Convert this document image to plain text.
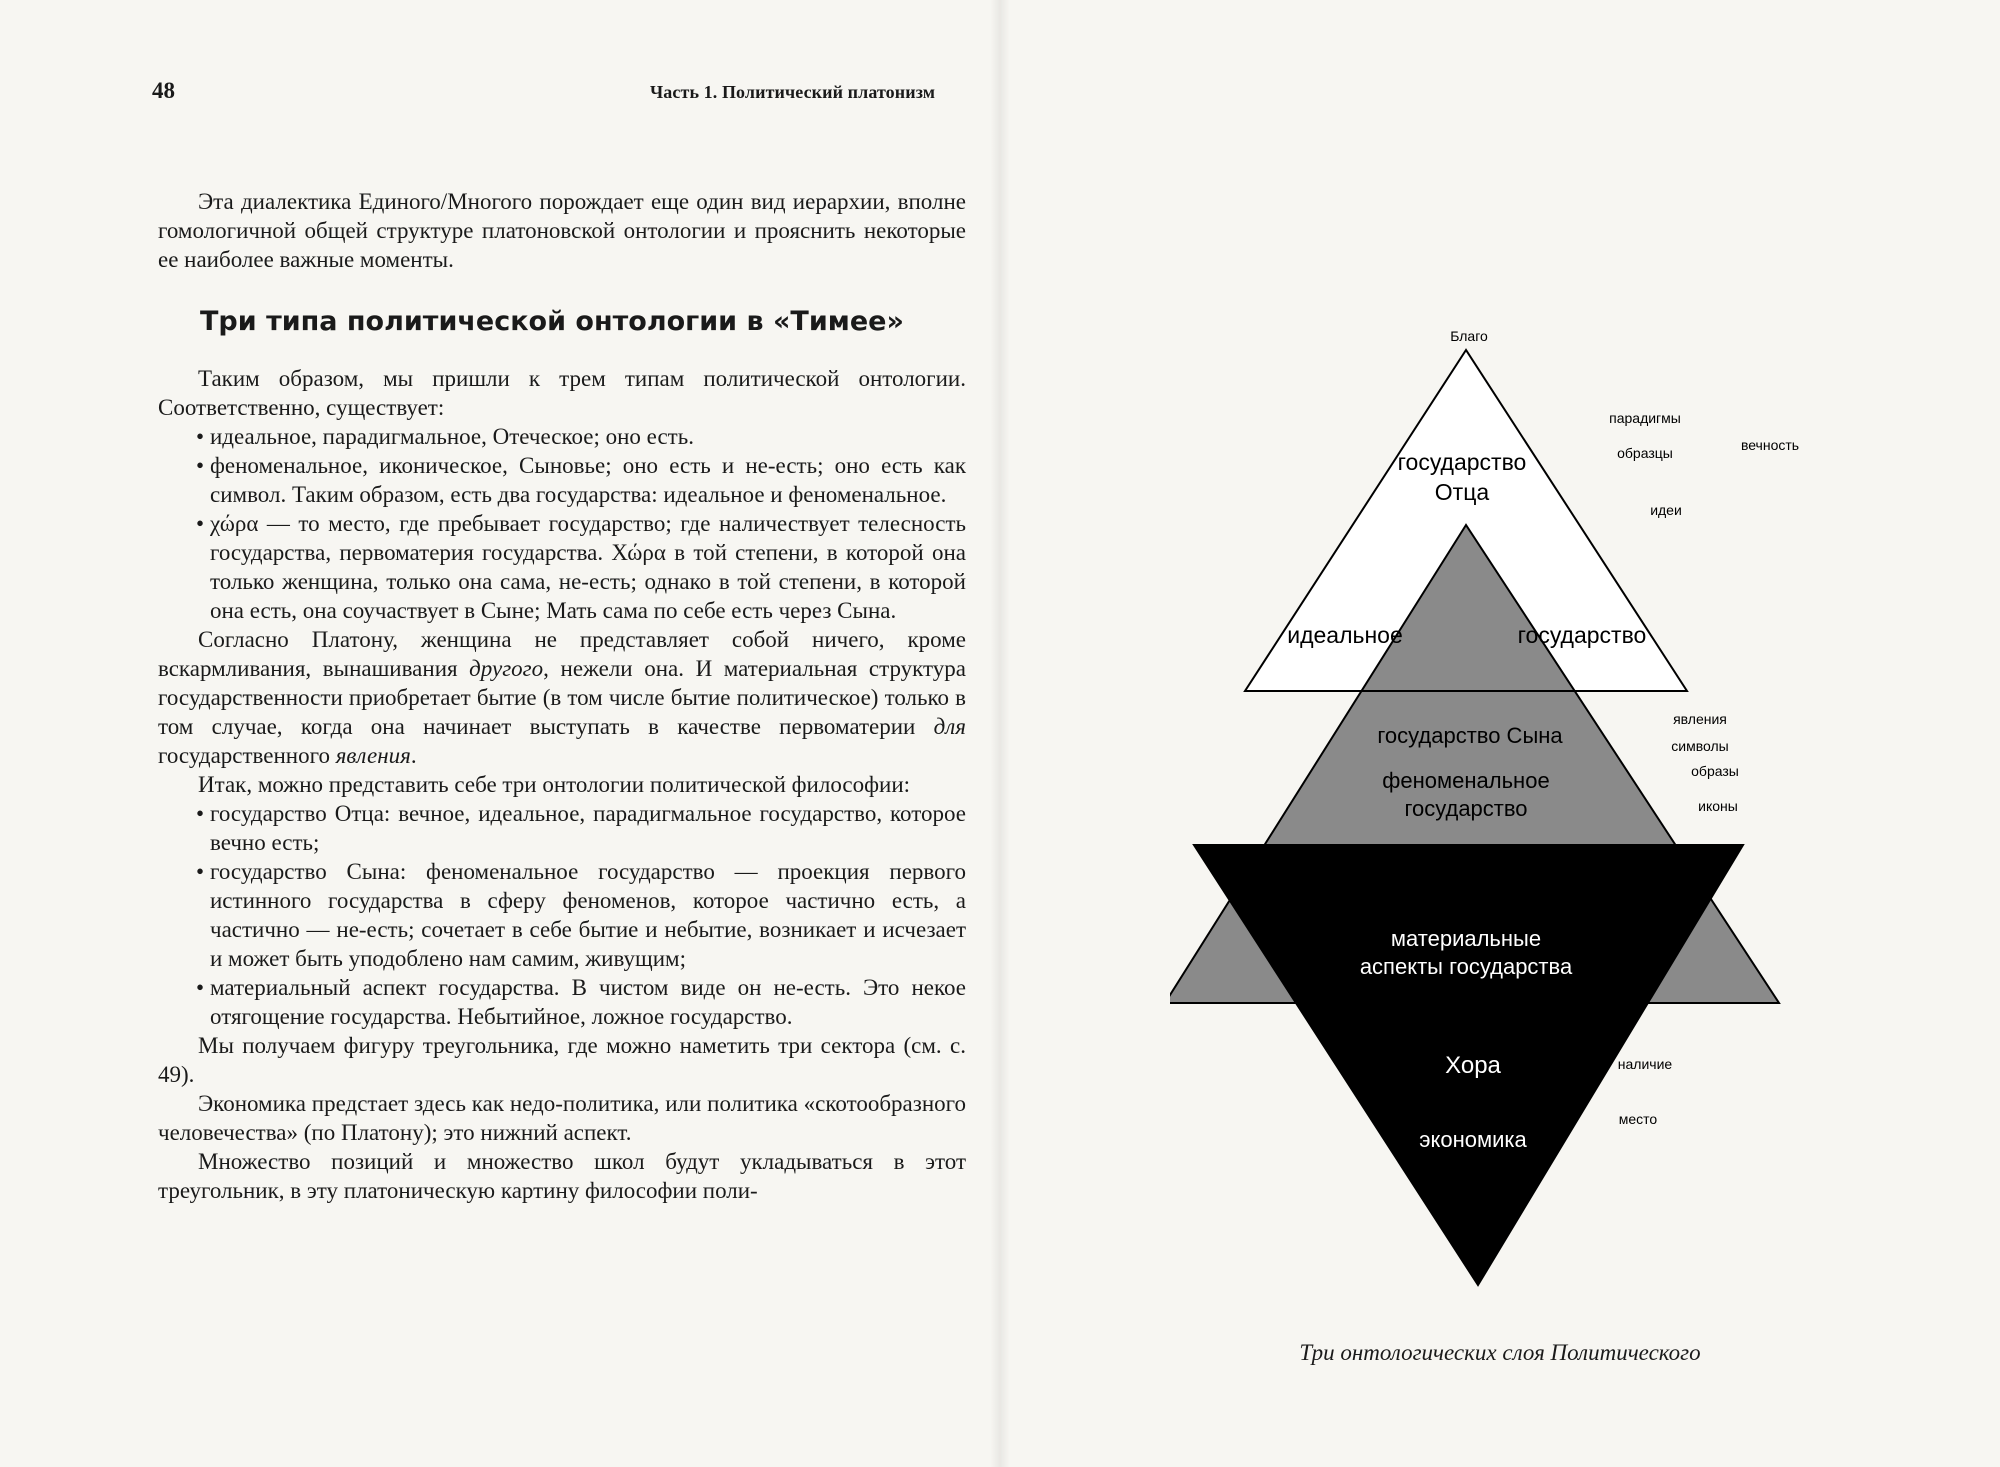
48	Часть 1. Политический платонизм

Эта диалектика Единого/Многого порождает еще один вид иерархии, вполне гомологичной общей структуре платоновской онтологии и прояснить некоторые ее наиболее важные моменты.

Три типа политической онтологии в «Тимее»

Таким образом, мы пришли к трем типам политической онтологии. Соответственно, существует:

• идеальное, парадигмальное, Отеческое; оно есть.

• феноменальное, иконическое, Сыновье; оно есть и не-есть; оно есть как символ. Таким образом, есть два государства: идеальное и феноменальное.

• χώρα — то место, где пребывает государство; где наличествует телесность государства, первоматерия государства. Χώρα в той степени, в которой она только женщина, только она сама, не-есть; однако в той степени, в которой она есть, она соучаствует в Сыне; Мать сама по себе есть через Сына.

Согласно Платону, женщина не представляет собой ничего, кроме вскармливания, вынашивания другого, нежели она. И материальная структура государственности приобретает бытие (в том числе бытие политическое) только в том случае, когда она начинает выступать в качестве первоматерии для государственного явления.

Итак, можно представить себе три онтологии политической философии:

• государство Отца: вечное, идеальное, парадигмальное государство, которое вечно есть;

• государство Сына: феноменальное государство — проекция первого истинного государства в сферу феноменов, которое частично есть, а частично — не-есть; сочетает в себе бытие и небытие, возникает и исчезает и может быть уподоблено нам самим, живущим;

• материальный аспект государства. В чистом виде он не-есть. Это некое отягощение государства. Небытийное, ложное государство.

Мы получаем фигуру треугольника, где можно наметить три сектора (см. с. 49).

Экономика предстает здесь как недо-политика, или политика «скотообразного человечества» (по Платону); это нижний аспект.

Множество позиций и множество школ будут укладываться в этот треугольник, в эту платоническую картину философии поли-

Благо
государство
Отца
идеальное	государство
государство Сына
феноменальное
государство
материальные
аспекты государства
Хора
экономика
парадигмы
образцы
идеи
вечность
явления
символы
образы
иконы
наличие
место
Три онтологических слоя Политического
